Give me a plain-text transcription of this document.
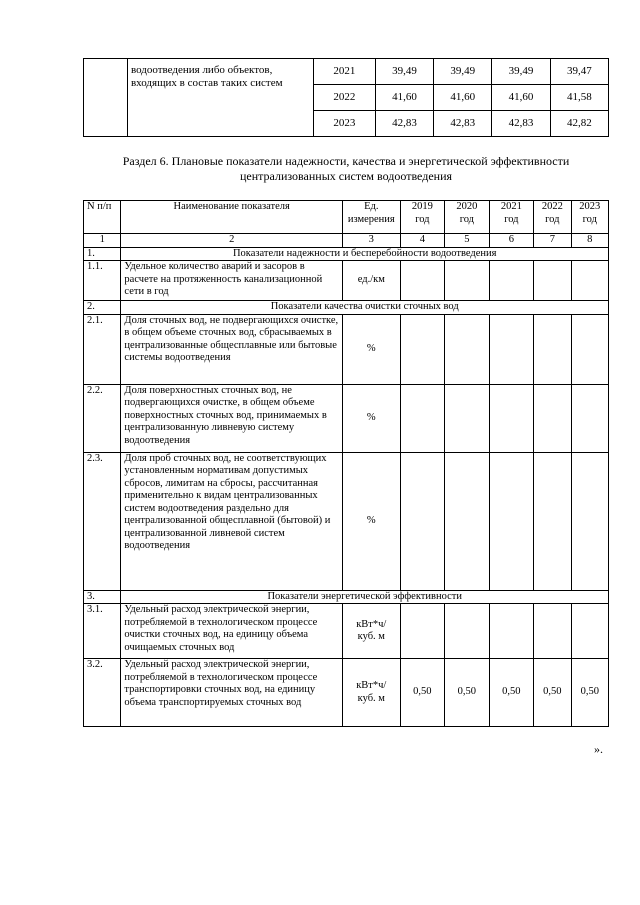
	водоотведения либо объектов, входящих в состав таких систем	2021	39,49	39,49	39,49	39,47
		2022	41,60	41,60	41,60	41,58
		2023	42,83	42,83	42,83	42,82
Раздел 6. Плановые показатели надежности, качества и энергетической эффективности централизованных систем водоотведения
N п/п	Наименование показателя	Ед. измерения	2019 год	2020 год	2021 год	2022 год	2023 год
1	2	3	4	5	6	7	8
1.	Показатели надежности и бесперебойности водоотведения						
1.1.	Удельное количество аварий и засоров в расчете на протяженность канализационной сети в год	ед./км					
2.	Показатели качества очистки сточных вод						
2.1.	Доля сточных вод, не подвергающихся очистке, в общем объеме сточных вод, сбрасываемых в централизованные общесплавные или бытовые системы водоотведения	%					
2.2.	Доля поверхностных сточных вод, не подвергающихся очистке, в общем объеме поверхностных сточных вод, принимаемых в централизованную ливневую систему водоотведения	%					
2.3.	Доля проб сточных вод, не соответствующих установленным нормативам допустимых сбросов, лимитам на сбросы, рассчитанная применительно к видам централизованных систем водоотведения раздельно для централизованной общесплавной (бытовой) и централизованной ливневой систем водоотведения	%					
3.	Показатели энергетической эффективности						
3.1.	Удельный расход электрической энергии, потребляемой в технологическом процессе очистки сточных вод, на единицу объема очищаемых сточных вод	кВт*ч/ куб. м					
3.2.	Удельный расход электрической энергии, потребляемой в технологическом процессе транспортировки сточных вод, на единицу объема транспортируемых сточных вод	кВт*ч/ куб. м	0,50	0,50	0,50	0,50	0,50
».
